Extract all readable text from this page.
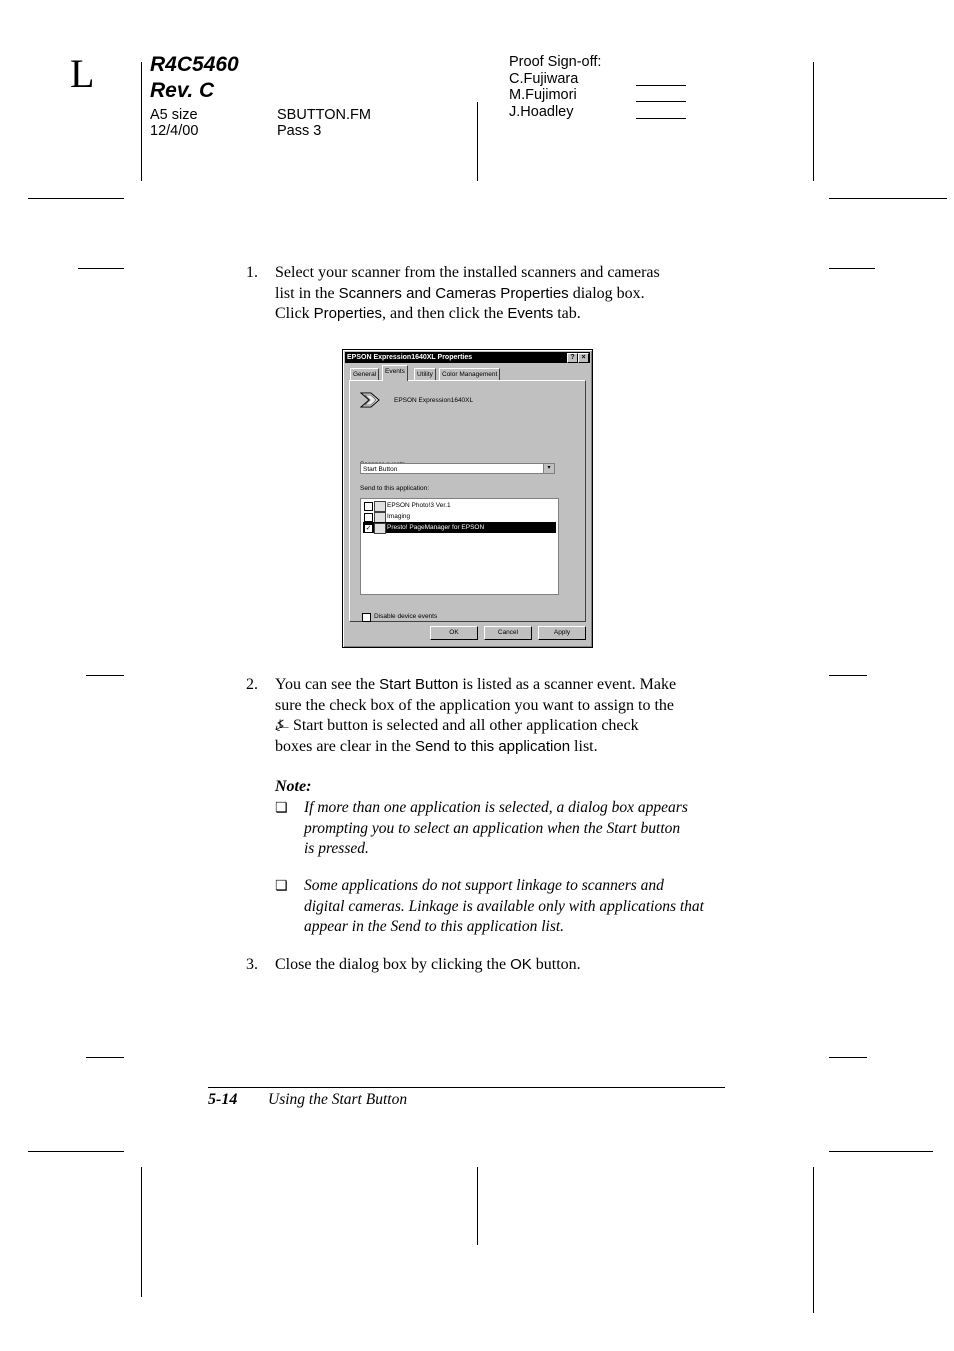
L	R4C5460
Rev. C
A5 size
12/4/00
SBUTTON.FM
Pass 3
Proof Sign-off:
C.Fujiwara
M.Fujimori
J.Hoadley
1. Select your scanner from the installed scanners and cameras
list in the Scanners and Cameras Properties dialog box.
Click Properties, and then click the Events tab.
EPSON Expression1640XL Properties	? ×
General	Events	Utility	Color Management
EPSON Expression1640XL
Start Button	▾
Send to this application:
EPSON Photo!3 Ver.1
Imaging
✓ Presto! PageManager for EPSON
Disable device events
OK	Cancel	Apply
2. You can see the Start Button is listed as a scanner event. Make
sure the check box of the application you want to assign to the
⍼ Start button is selected and all other application check
boxes are clear in the Send to this application list.
Note:
❏ If more than one application is selected, a dialog box appears
prompting you to select an application when the Start button
is pressed.
❏ Some applications do not support linkage to scanners and
digital cameras. Linkage is available only with applications that
appear in the Send to this application list.
3. Close the dialog box by clicking the OK button.
5-14 Using the Start Button
